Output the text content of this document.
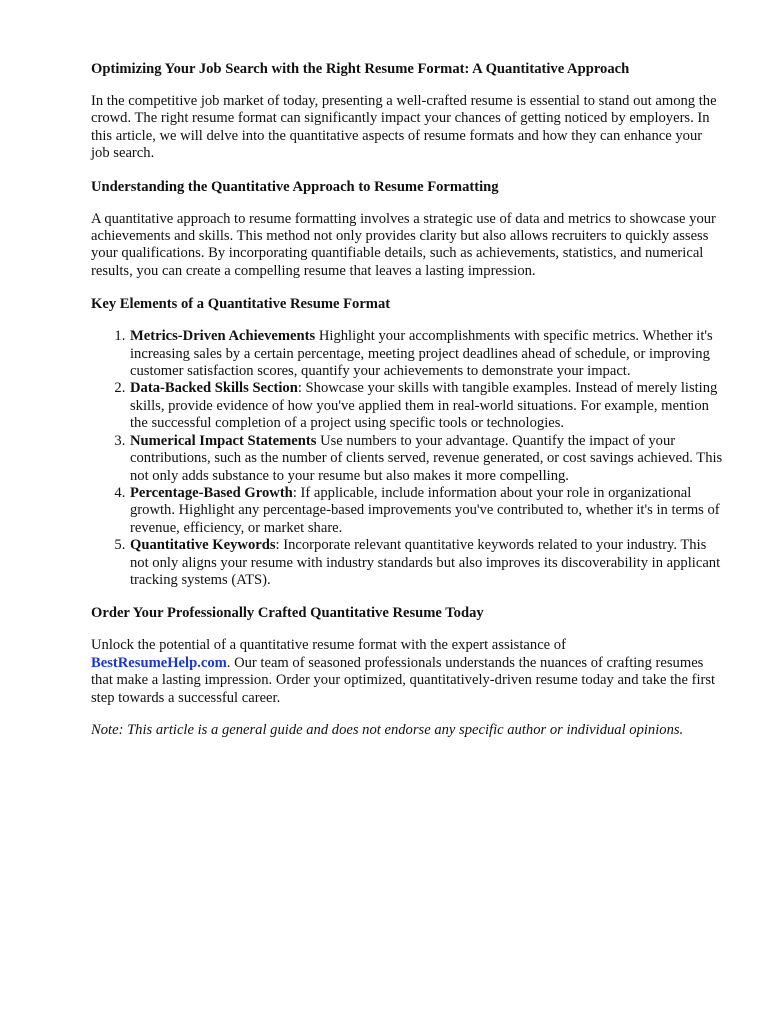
Optimizing Your Job Search with the Right Resume Format: A Quantitative Approach

In the competitive job market of today, presenting a well-crafted resume is essential to stand out among the crowd. The right resume format can significantly impact your chances of getting noticed by employers. In this article, we will delve into the quantitative aspects of resume formats and how they can enhance your job search.

Understanding the Quantitative Approach to Resume Formatting

A quantitative approach to resume formatting involves a strategic use of data and metrics to showcase your achievements and skills. This method not only provides clarity but also allows recruiters to quickly assess your qualifications. By incorporating quantifiable details, such as achievements, statistics, and numerical results, you can create a compelling resume that leaves a lasting impression.

Key Elements of a Quantitative Resume Format
1. Metrics-Driven Achievements Highlight your accomplishments with specific metrics. Whether it's increasing sales by a certain percentage, meeting project deadlines ahead of schedule, or improving customer satisfaction scores, quantify your achievements to demonstrate your impact.
2. Data-Backed Skills Section: Showcase your skills with tangible examples. Instead of merely listing skills, provide evidence of how you've applied them in real-world situations. For example, mention the successful completion of a project using specific tools or technologies.
3. Numerical Impact Statements Use numbers to your advantage. Quantify the impact of your contributions, such as the number of clients served, revenue generated, or cost savings achieved. This not only adds substance to your resume but also makes it more compelling.
4. Percentage-Based Growth: If applicable, include information about your role in organizational growth. Highlight any percentage-based improvements you've contributed to, whether it's in terms of revenue, efficiency, or market share.
5. Quantitative Keywords: Incorporate relevant quantitative keywords related to your industry. This not only aligns your resume with industry standards but also improves its discoverability in applicant tracking systems (ATS).
Order Your Professionally Crafted Quantitative Resume Today

Unlock the potential of a quantitative resume format with the expert assistance of
BestResumeHelp.com. Our team of seasoned professionals understands the nuances of crafting resumes that make a lasting impression. Order your optimized, quantitatively-driven resume today and take the first step towards a successful career.

Note: This article is a general guide and does not endorse any specific author or individual opinions.
